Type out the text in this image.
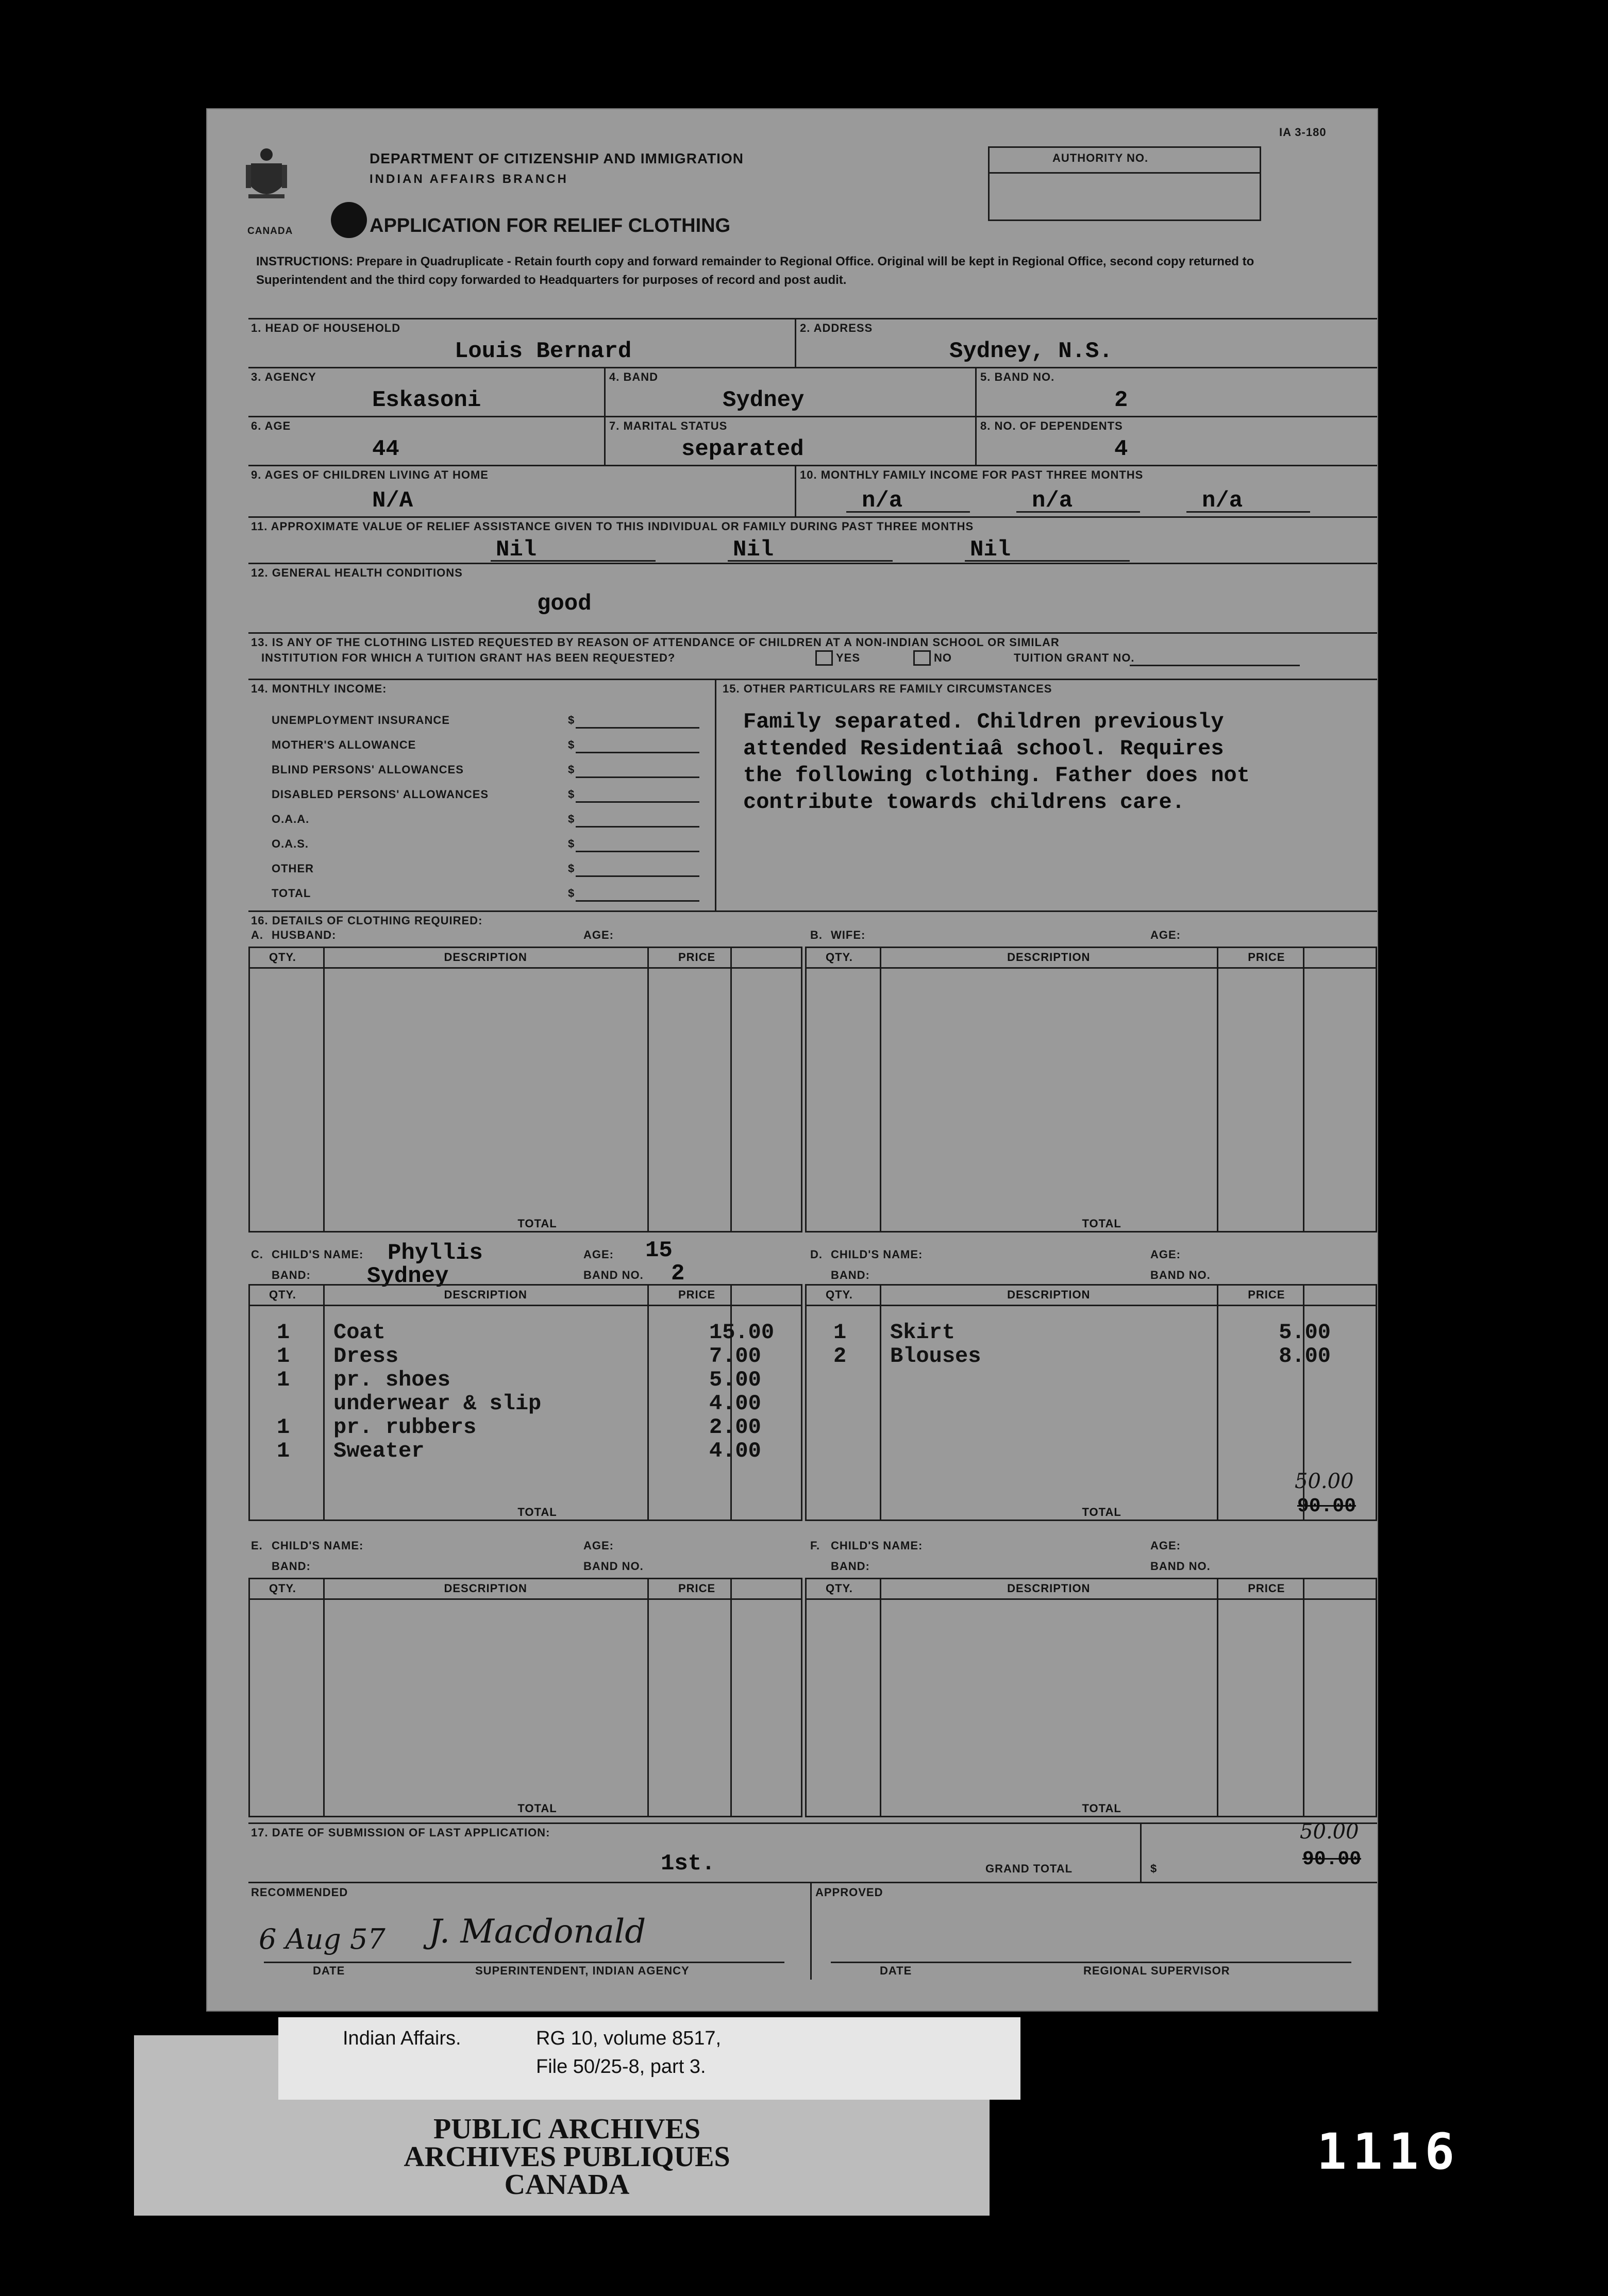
CANADA
DEPARTMENT OF CITIZENSHIP AND IMMIGRATION
INDIAN AFFAIRS BRANCH
APPLICATION FOR RELIEF CLOTHING
AUTHORITY NO.
IA 3-180
INSTRUCTIONS: Prepare in Quadruplicate - Retain fourth copy and forward remainder to Regional Office. Original will be kept in Regional Office, second copy returned to Superintendent and the third copy forwarded to Headquarters for purposes of record and post audit.
1. HEAD OF HOUSEHOLD
Louis Bernard
2. ADDRESS
Sydney, N.S.
3. AGENCY
Eskasoni
4. BAND
Sydney
5. BAND NO.
2
6. AGE
44
7. MARITAL STATUS
separated
8. NO. OF DEPENDENTS
4
9. AGES OF CHILDREN LIVING AT HOME
N/A
10. MONTHLY FAMILY INCOME FOR PAST THREE MONTHS
n/a	n/a	n/a
11. APPROXIMATE VALUE OF RELIEF ASSISTANCE GIVEN TO THIS INDIVIDUAL OR FAMILY DURING PAST THREE MONTHS
Nil	Nil	Nil
12. GENERAL HEALTH CONDITIONS
good
13. IS ANY OF THE CLOTHING LISTED REQUESTED BY REASON OF ATTENDANCE OF CHILDREN AT A NON-INDIAN SCHOOL OR SIMILAR
INSTITUTION FOR WHICH A TUITION GRANT HAS BEEN REQUESTED?	YES	NO	TUITION GRANT NO.
14. MONTHLY INCOME:
UNEMPLOYMENT INSURANCE	$
MOTHER'S ALLOWANCE	$
BLIND PERSONS' ALLOWANCES	$
DISABLED PERSONS' ALLOWANCES	$
O.A.A.	$
O.A.S.	$
OTHER	$
TOTAL	$
15. OTHER PARTICULARS RE FAMILY CIRCUMSTANCES
Family separated. Children previously
attended Residentiaâ school. Requires
the following clothing. Father does not
contribute towards childrens care.
16. DETAILS OF CLOTHING REQUIRED:
A. HUSBAND:	AGE:	B. WIFE:	AGE:
C. CHILD'S NAME: Phyllis	AGE: 15
BAND: Sydney	BAND NO. 2
D. CHILD'S NAME:	AGE:
BAND:	BAND NO.
E. CHILD'S NAME:	AGE:
BAND:	BAND NO.
F. CHILD'S NAME:	AGE:
BAND:	BAND NO.
50.00
90.00
17. DATE OF SUBMISSION OF LAST APPLICATION:
1st.	GRAND TOTAL	$
50.00
90.00
RECOMMENDED	APPROVED
6 Aug 57 J. Macdonald
DATE	SUPERINTENDENT, INDIAN AGENCY	DATE	REGIONAL SUPERVISOR
QTY.	DESCRIPTION	PRICE
TOTAL
QTY.	DESCRIPTION	PRICE
TOTAL
QTY.	DESCRIPTION	PRICE
TOTAL
1 Coat	15.00
1 Dress	7.00
1 pr. shoes	5.00
underwear & slip	4.00
1 pr. rubbers	2.00
1 Sweater	4.00
QTY.	DESCRIPTION	PRICE
TOTAL
1 Skirt	5.00
2 Blouses	8.00
QTY.	DESCRIPTION	PRICE
TOTAL
QTY.	DESCRIPTION	PRICE
TOTAL
Indian Affairs.	RG 10, volume 8517,
File 50/25-8, part 3.
PUBLIC ARCHIVES
ARCHIVES PUBLIQUES
CANADA
1116
